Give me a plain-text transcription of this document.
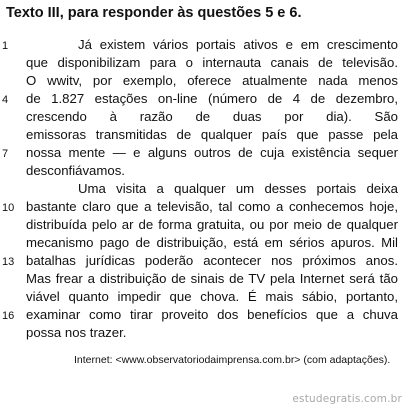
Texto III, para responder às questões 5 e 6.
1
4
7
10
13
16
Já existem vários portais ativos e em crescimento
que disponibilizam para o internauta canais de televisão.
O wwitv, por exemplo, oferece atualmente nada menos
de 1.827 estações on-line (número de 4 de dezembro,
crescendo à razão de duas por dia). São
emissoras transmitidas de qualquer país que passe pela
nossa mente — e alguns outros de cuja existência sequer
desconfiávamos.
Uma visita a qualquer um desses portais deixa
bastante claro que a televisão, tal como a conhecemos hoje,
distribuída pelo ar de forma gratuita, ou por meio de qualquer
mecanismo pago de distribuição, está em sérios apuros. Mil
batalhas jurídicas poderão acontecer nos próximos anos.
Mas frear a distribuição de sinais de TV pela Internet será tão
viável quanto impedir que chova. É mais sábio, portanto,
examinar como tirar proveito dos benefícios que a chuva
possa nos trazer.
Internet: <www.observatoriodaimprensa.com.br> (com adaptações).
estudegratis.com.br
